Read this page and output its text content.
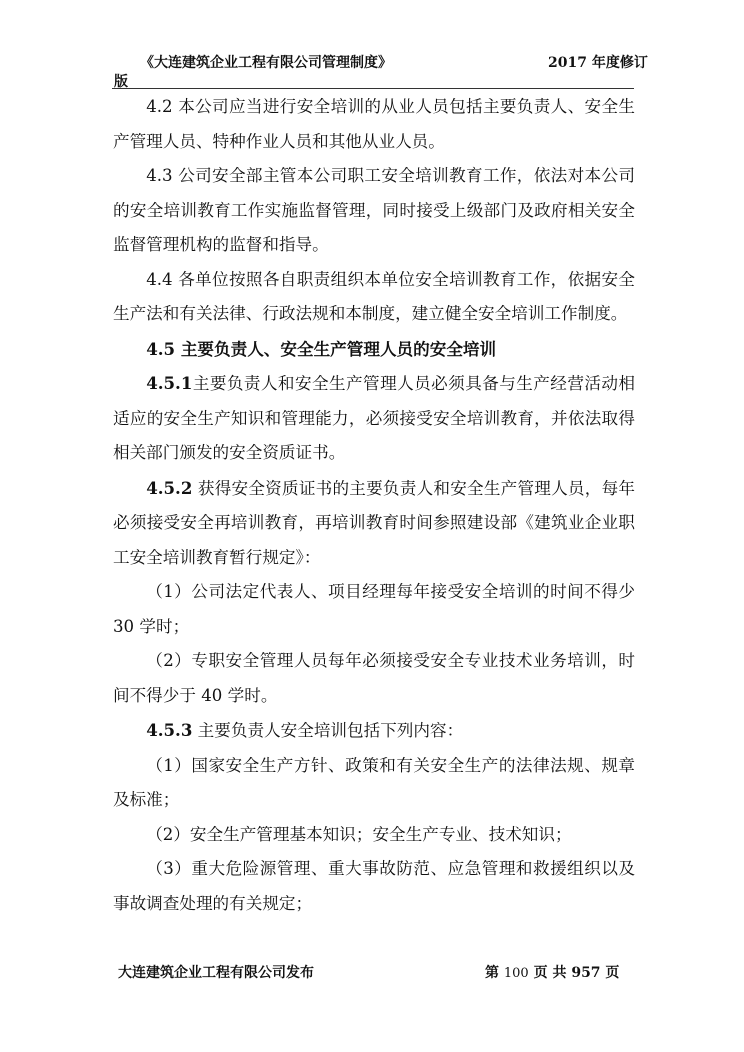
《大连建筑企业工程有限公司管理制度》	2017 年度修订
版

4.2 本公司应当进行安全培训的从业人员包括主要负责人、安全生产管理人员、特种作业人员和其他从业人员。

4.3 公司安全部主管本公司职工安全培训教育工作，依法对本公司的安全培训教育工作实施监督管理，同时接受上级部门及政府相关安全监督管理机构的监督和指导。

4.4 各单位按照各自职责组织本单位安全培训教育工作，依据安全生产法和有关法律、行政法规和本制度，建立健全安全培训工作制度。

4.5 主要负责人、安全生产管理人员的安全培训

4.5.1主要负责人和安全生产管理人员必须具备与生产经营活动相适应的安全生产知识和管理能力，必须接受安全培训教育，并依法取得相关部门颁发的安全资质证书。

4.5.2 获得安全资质证书的主要负责人和安全生产管理人员，每年必须接受安全再培训教育，再培训教育时间参照建设部《建筑业企业职工安全培训教育暂行规定》：

（1）公司法定代表人、项目经理每年接受安全培训的时间不得少 30 学时；

（2）专职安全管理人员每年必须接受安全专业技术业务培训，时间不得少于 40 学时。

4.5.3 主要负责人安全培训包括下列内容：

（1）国家安全生产方针、政策和有关安全生产的法律法规、规章及标准；

（2）安全生产管理基本知识；安全生产专业、技术知识；

（3）重大危险源管理、重大事故防范、应急管理和救援组织以及事故调查处理的有关规定；

大连建筑企业工程有限公司发布	第 100 页 共 957 页
